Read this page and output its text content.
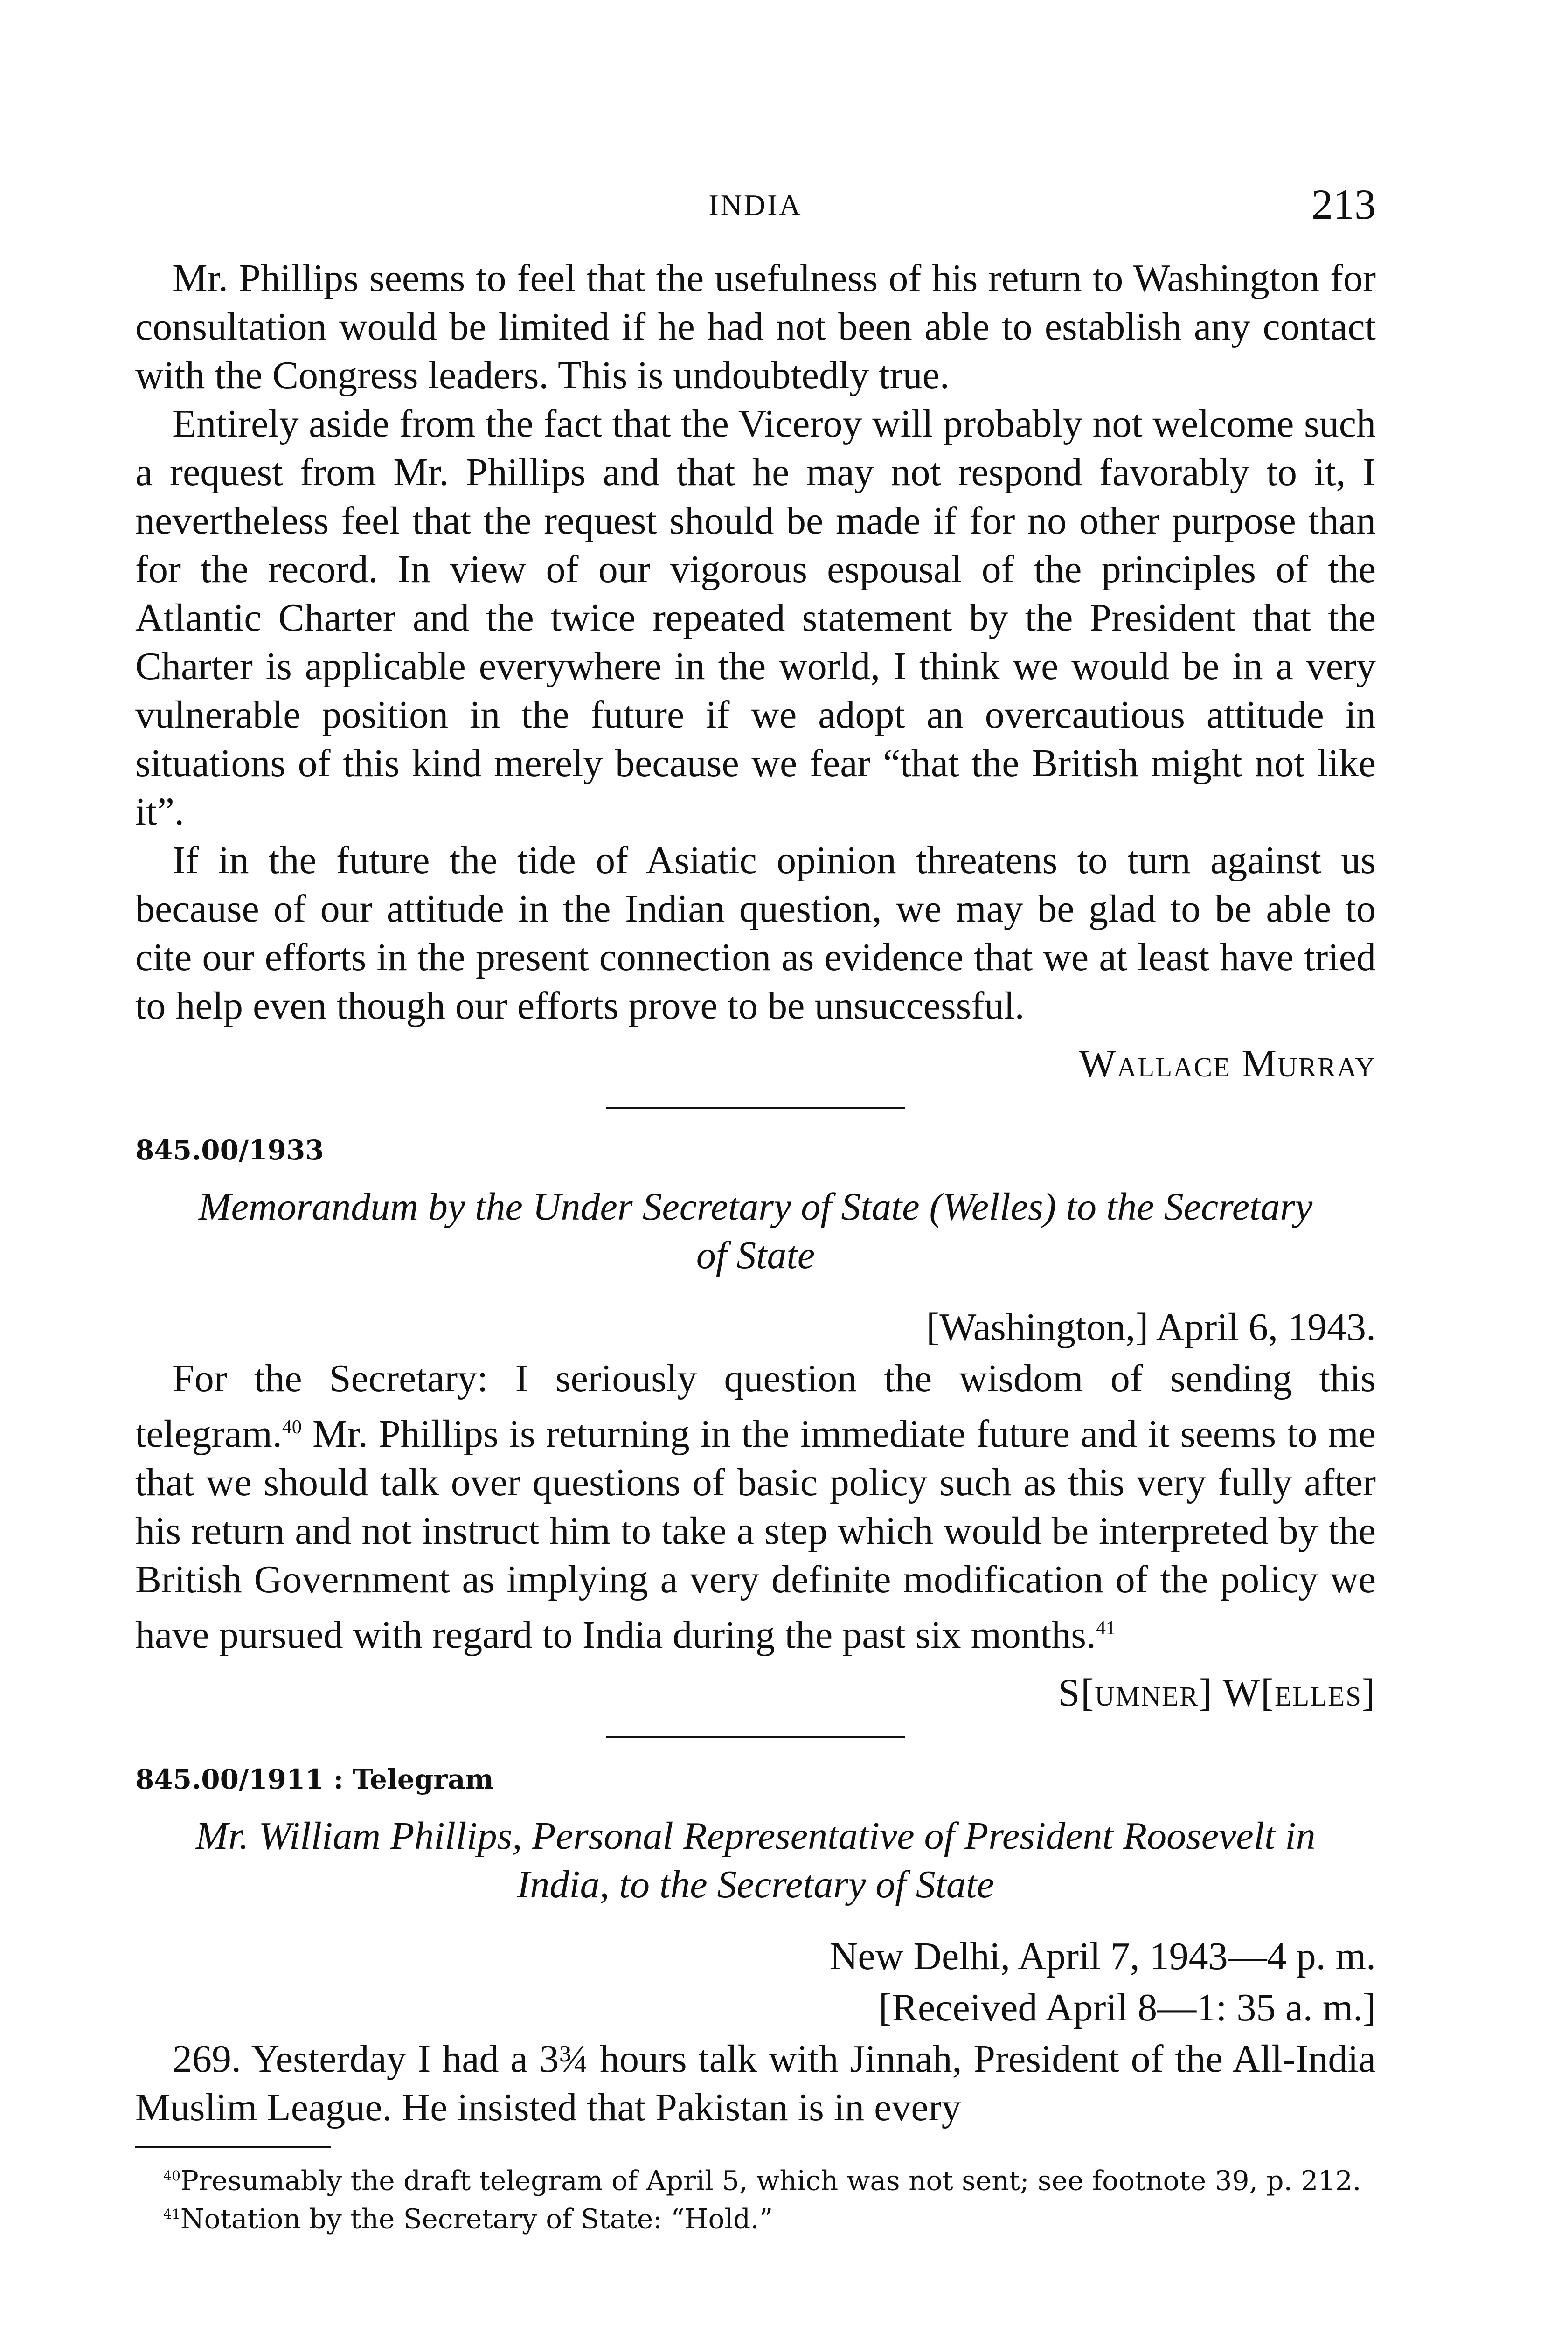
INDIA	213

Mr. Phillips seems to feel that the usefulness of his return to Washington for consultation would be limited if he had not been able to establish any contact with the Congress leaders. This is undoubtedly true.

Entirely aside from the fact that the Viceroy will probably not welcome such a request from Mr. Phillips and that he may not respond favorably to it, I nevertheless feel that the request should be made if for no other purpose than for the record. In view of our vigorous espousal of the principles of the Atlantic Charter and the twice repeated statement by the President that the Charter is applicable everywhere in the world, I think we would be in a very vulnerable position in the future if we adopt an overcautious attitude in situations of this kind merely because we fear “that the British might not like it”.

If in the future the tide of Asiatic opinion threatens to turn against us because of our attitude in the Indian question, we may be glad to be able to cite our efforts in the present connection as evidence that we at least have tried to help even though our efforts prove to be unsuccessful.

Wallace Murray

845.00/1933

Memorandum by the Under Secretary of State (Welles) to the Secretary of State

[Washington,] April 6, 1943.

For the Secretary: I seriously question the wisdom of sending this telegram.$^{40}$ Mr. Phillips is returning in the immediate future and it seems to me that we should talk over questions of basic policy such as this very fully after his return and not instruct him to take a step which would be interpreted by the British Government as implying a very definite modification of the policy we have pursued with regard to India during the past six months.$^{41}$

S[umner] W[elles]

845.00/1911 : Telegram

Mr. William Phillips, Personal Representative of President Roosevelt in India, to the Secretary of State

New Delhi, April 7, 1943—4 p. m.

[Received April 8—1: 35 a. m.]

269. Yesterday I had a 3¾ hours talk with Jinnah, President of the All-India Muslim League. He insisted that Pakistan is in every

$^{40}$Presumably the draft telegram of April 5, which was not sent; see footnote 39, p. 212.

$^{41}$Notation by the Secretary of State: “Hold.”
